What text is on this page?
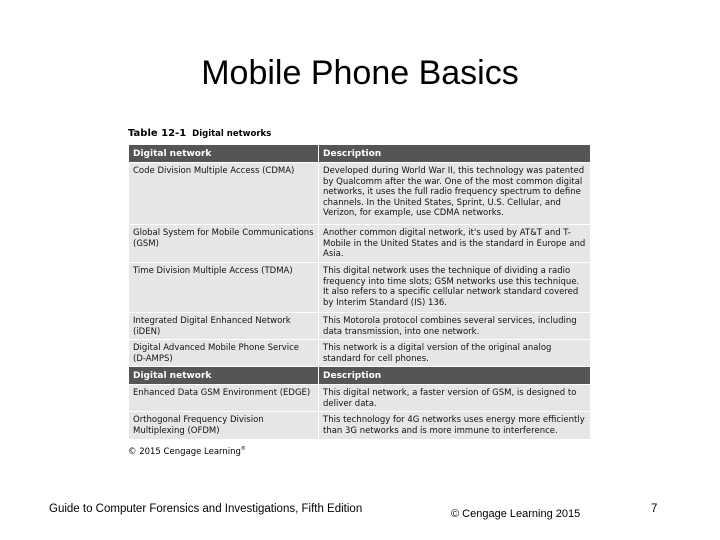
Mobile Phone Basics
Table 12-1 Digital networks
Digital network	Description
Code Division Multiple Access (CDMA)	Developed during World War II, this technology was patented by Qualcomm after the war. One of the most common digital networks, it uses the full radio frequency spectrum to define channels. In the United States, Sprint, U.S. Cellular, and Verizon, for example, use CDMA networks.
Global System for Mobile Communications (GSM)	Another common digital network, it's used by AT&T and T-Mobile in the United States and is the standard in Europe and Asia.
Time Division Multiple Access (TDMA)	This digital network uses the technique of dividing a radio frequency into time slots; GSM networks use this technique. It also refers to a specific cellular network standard covered by Interim Standard (IS) 136.
Integrated Digital Enhanced Network (iDEN)	This Motorola protocol combines several services, including data transmission, into one network.
Digital Advanced Mobile Phone Service (D-AMPS)	This network is a digital version of the original analog standard for cell phones.
Digital network	Description
Enhanced Data GSM Environment (EDGE)	This digital network, a faster version of GSM, is designed to deliver data.
Orthogonal Frequency Division Multiplexing (OFDM)	This technology for 4G networks uses energy more efficiently than 3G networks and is more immune to interference.
© 2015 Cengage Learning®
Guide to Computer Forensics and Investigations, Fifth Edition	© Cengage Learning 2015	7
